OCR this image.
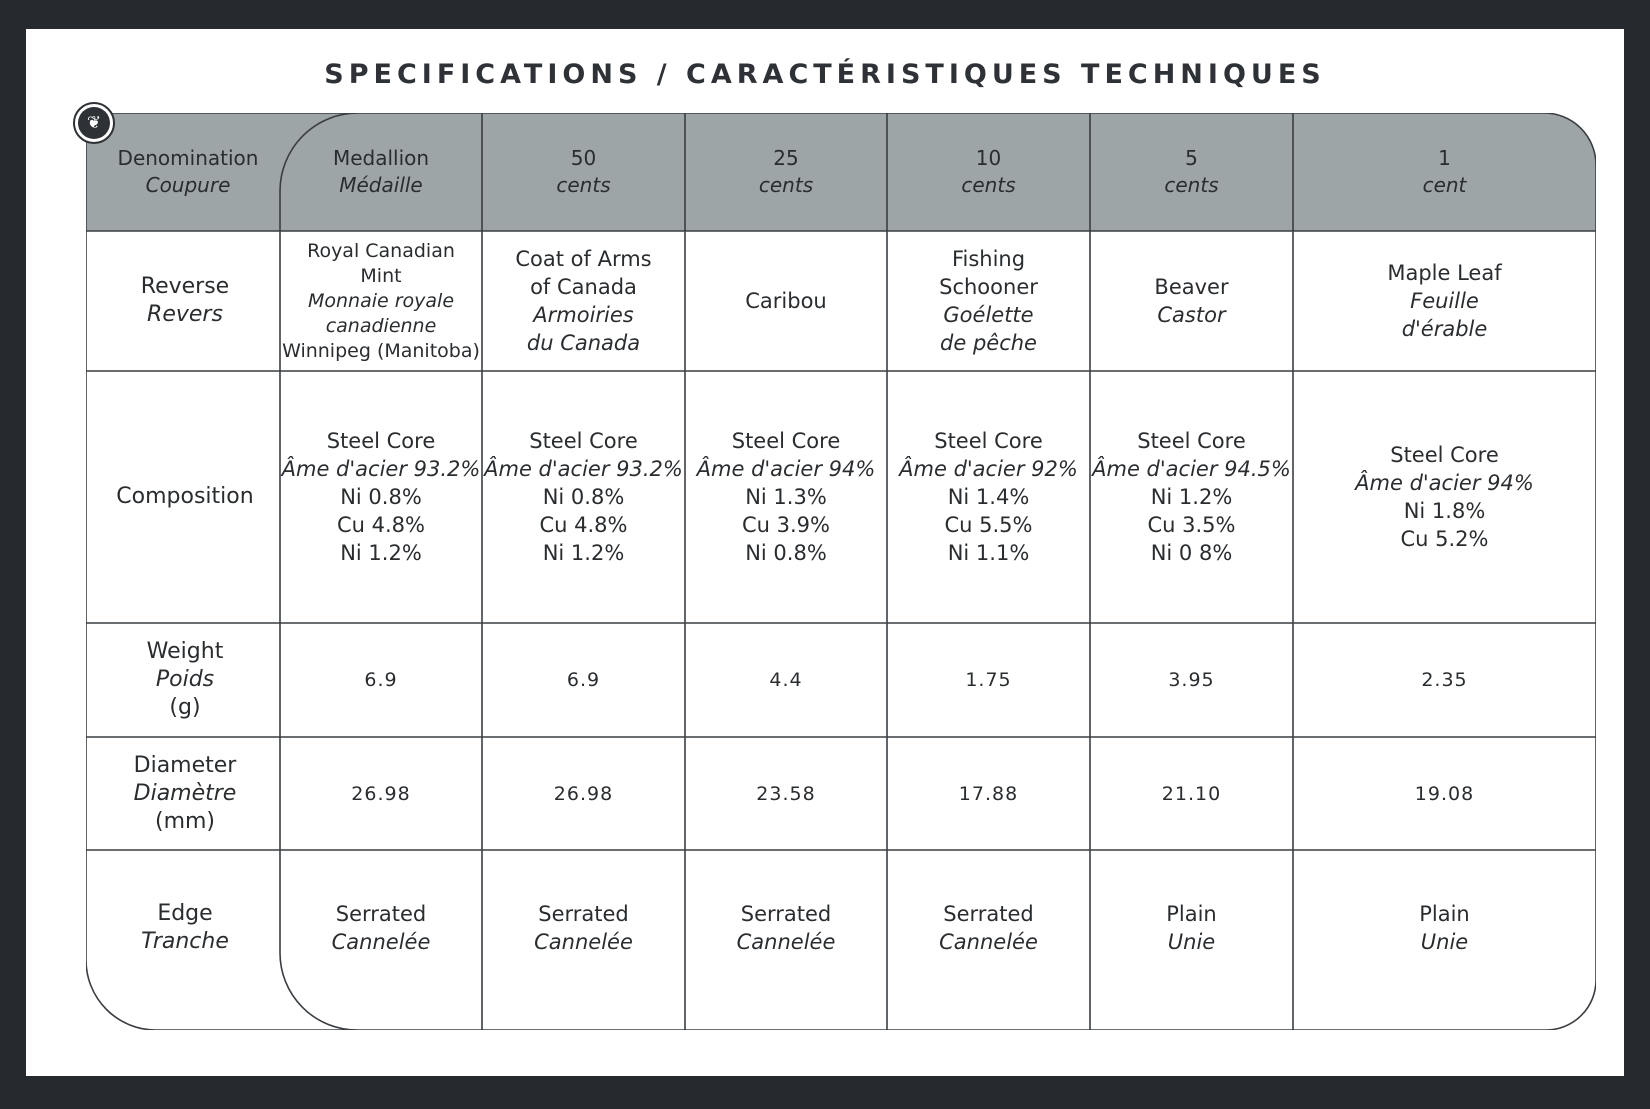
SPECIFICATIONS / CARACTÉRISTIQUES TECHNIQUES
❦
Denomination
Coupure
Reverse
Revers
Composition
Weight
Poids
(g)
Diameter
Diamètre
(mm)
Edge
Tranche
Medallion
Médaille
Royal Canadian
Mint
Monnaie royale
canadienne
Winnipeg (Manitoba)
Steel Core
Âme d'acier 93.2%
Ni 0.8%
Cu 4.8%
Ni 1.2%
6.9
26.98
Serrated
Cannelée
50
cents
Coat of Arms
of Canada
Armoiries
du Canada
Steel Core
Âme d'acier 93.2%
Ni 0.8%
Cu 4.8%
Ni 1.2%
6.9
26.98
Serrated
Cannelée
25
cents
Caribou
Steel Core
Âme d'acier 94%
Ni 1.3%
Cu 3.9%
Ni 0.8%
4.4
23.58
Serrated
Cannelée
10
cents
Fishing
Schooner
Goélette
de pêche
Steel Core
Âme d'acier 92%
Ni 1.4%
Cu 5.5%
Ni 1.1%
1.75
17.88
Serrated
Cannelée
5
cents
Beaver
Castor
Steel Core
Âme d'acier 94.5%
Ni 1.2%
Cu 3.5%
Ni 0 8%
3.95
21.10
Plain
Unie
1
cent
Maple Leaf
Feuille
d'érable
Steel Core
Âme d'acier 94%
Ni 1.8%
Cu 5.2%
2.35
19.08
Plain
Unie
